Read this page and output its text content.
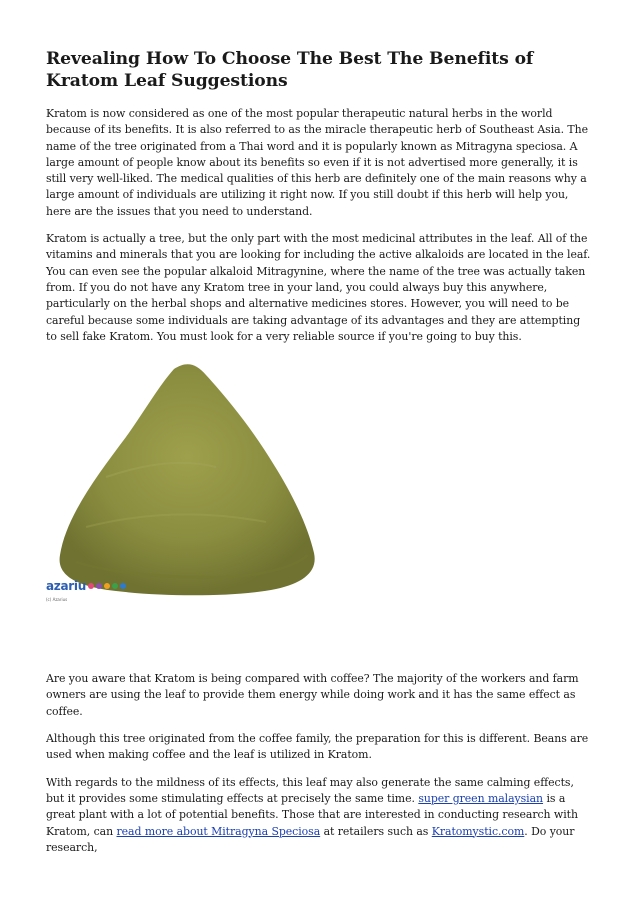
Revealing How To Choose The Best The Benefits of Kratom Leaf Suggestions

Kratom is now considered as one of the most popular therapeutic natural herbs in the world because of its benefits. It is also referred to as the miracle therapeutic herb of Southeast Asia. The name of the tree originated from a Thai word and it is popularly known as Mitragyna speciosa. A large amount of people know about its benefits so even if it is not advertised more generally, it is still very well-liked. The medical qualities of this herb are definitely one of the main reasons why a large amount of individuals are utilizing it right now. If you still doubt if this herb will help you, here are the issues that you need to understand.

Kratom is actually a tree, but the only part with the most medicinal attributes in the leaf. All of the vitamins and minerals that you are looking for including the active alkaloids are located in the leaf. You can even see the popular alkaloid Mitragynine, where the name of the tree was actually taken from. If you do not have any Kratom tree in your land, you could always buy this anywhere, particularly on the herbal shops and alternative medicines stores. However, you will need to be careful because some individuals are taking advantage of its advantages and they are attempting to sell fake Kratom. You must look for a very reliable source if you're going to buy this.

azariu
(c) Azarius

Are you aware that Kratom is being compared with coffee? The majority of the workers and farm owners are using the leaf to provide them energy while doing work and it has the same effect as coffee.

Although this tree originated from the coffee family, the preparation for this is different. Beans are used when making coffee and the leaf is utilized in Kratom.

With regards to the mildness of its effects, this leaf may also generate the same calming effects, but it provides some stimulating effects at precisely the same time. super green malaysian is a great plant with a lot of potential benefits. Those that are interested in conducting research with Kratom, can read more about Mitragyna Speciosa at retailers such as Kratomystic.com. Do your research,
